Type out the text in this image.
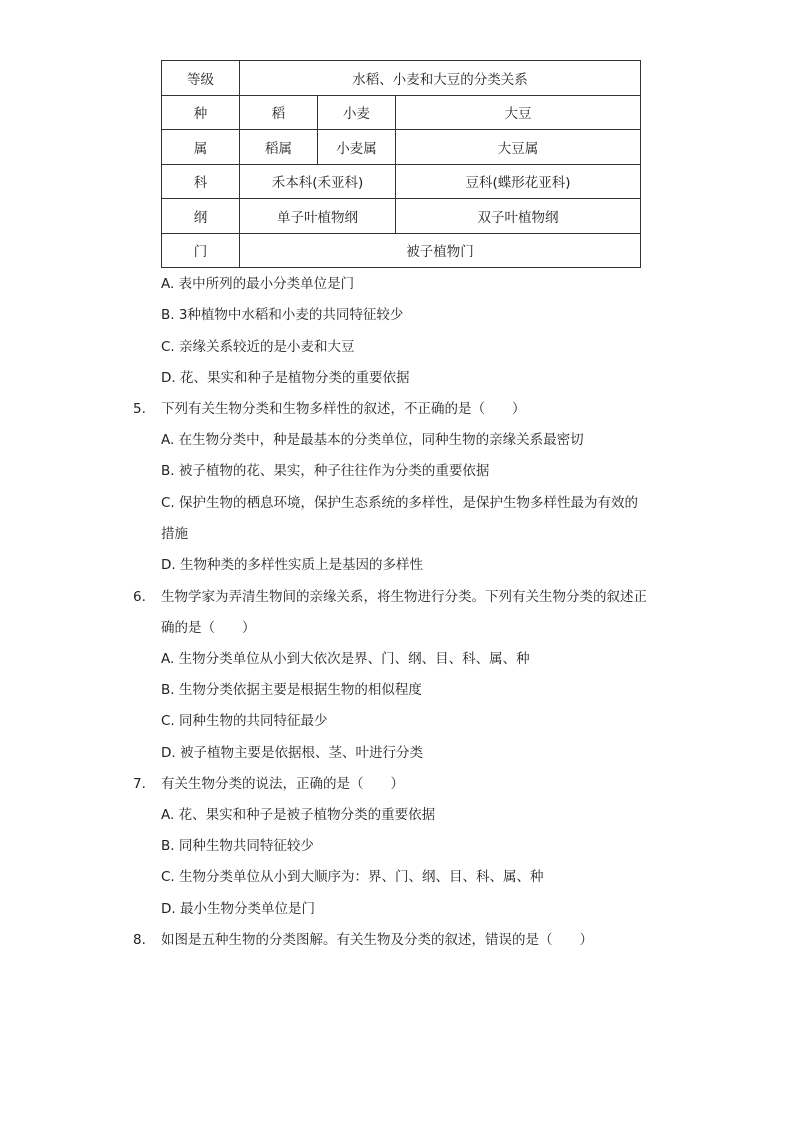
等级	水稻、小麦和大豆的分类关系		
种	稻	小麦	大豆
属	稻属	小麦属	大豆属
科	禾本科(禾亚科)		豆科(蝶形花亚科)
纲	单子叶植物纲		双子叶植物纲
门	被子植物门		
A. 表中所列的最小分类单位是门
B. 3种植物中水稻和小麦的共同特征较少
C. 亲缘关系较近的是小麦和大豆
D. 花、果实和种子是植物分类的重要依据
5. 下列有关生物分类和生物多样性的叙述，不正确的是（　　）
A. 在生物分类中，种是最基本的分类单位，同种生物的亲缘关系最密切
B. 被子植物的花、果实，种子往往作为分类的重要依据
C. 保护生物的栖息环境，保护生态系统的多样性，是保护生物多样性最为有效的
措施
D. 生物种类的多样性实质上是基因的多样性
6. 生物学家为弄清生物间的亲缘关系，将生物进行分类。下列有关生物分类的叙述正
确的是（　　）
A. 生物分类单位从小到大依次是界、门、纲、目、科、属、种
B. 生物分类依据主要是根据生物的相似程度
C. 同种生物的共同特征最少
D. 被子植物主要是依据根、茎、叶进行分类
7. 有关生物分类的说法，正确的是（　　）
A. 花、果实和种子是被子植物分类的重要依据
B. 同种生物共同特征较少
C. 生物分类单位从小到大顺序为：界、门、纲、目、科、属、种
D. 最小生物分类单位是门
8. 如图是五种生物的分类图解。有关生物及分类的叙述，错误的是（　　）
